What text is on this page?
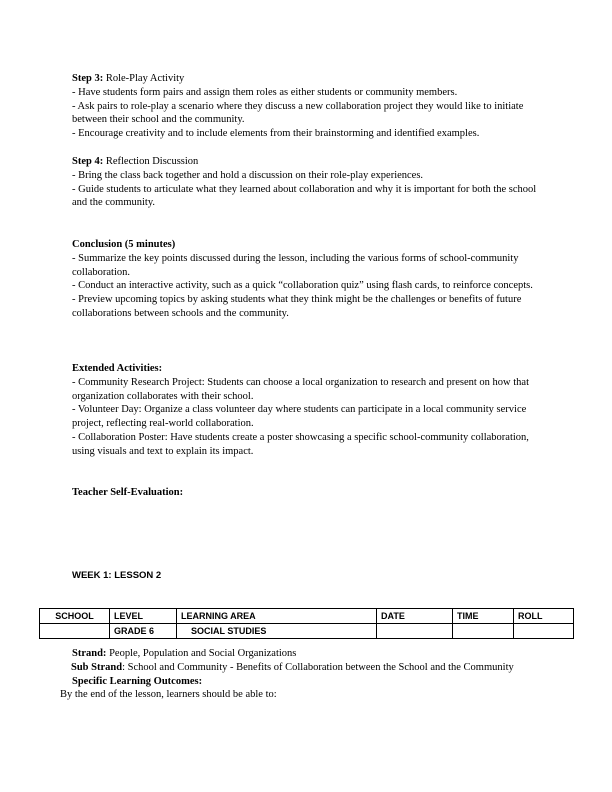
Step 3: Role-Play Activity

- Have students form pairs and assign them roles as either students or community members.

- Ask pairs to role-play a scenario where they discuss a new collaboration project they would like to initiate between their school and the community.

- Encourage creativity and to include elements from their brainstorming and identified examples.

Step 4: Reflection Discussion

- Bring the class back together and hold a discussion on their role-play experiences.

- Guide students to articulate what they learned about collaboration and why it is important for both the school and the community.

Conclusion (5 minutes)

- Summarize the key points discussed during the lesson, including the various forms of school-community collaboration.

- Conduct an interactive activity, such as a quick “collaboration quiz” using flash cards, to reinforce concepts.

- Preview upcoming topics by asking students what they think might be the challenges or benefits of future collaborations between schools and the community.

Extended Activities:

- Community Research Project: Students can choose a local organization to research and present on how that organization collaborates with their school.

- Volunteer Day: Organize a class volunteer day where students can participate in a local community service project, reflecting real-world collaboration.

- Collaboration Poster: Have students create a poster showcasing a specific school-community collaboration, using visuals and text to explain its impact.

Teacher Self-Evaluation:

WEEK 1: LESSON 2
SCHOOL	LEVEL	LEARNING AREA	DATE	TIME	ROLL
	GRADE 6	SOCIAL STUDIES			

Strand: People, Population and Social Organizations

Sub Strand: School and Community - Benefits of Collaboration between the School and the Community

Specific Learning Outcomes:

By the end of the lesson, learners should be able to:
